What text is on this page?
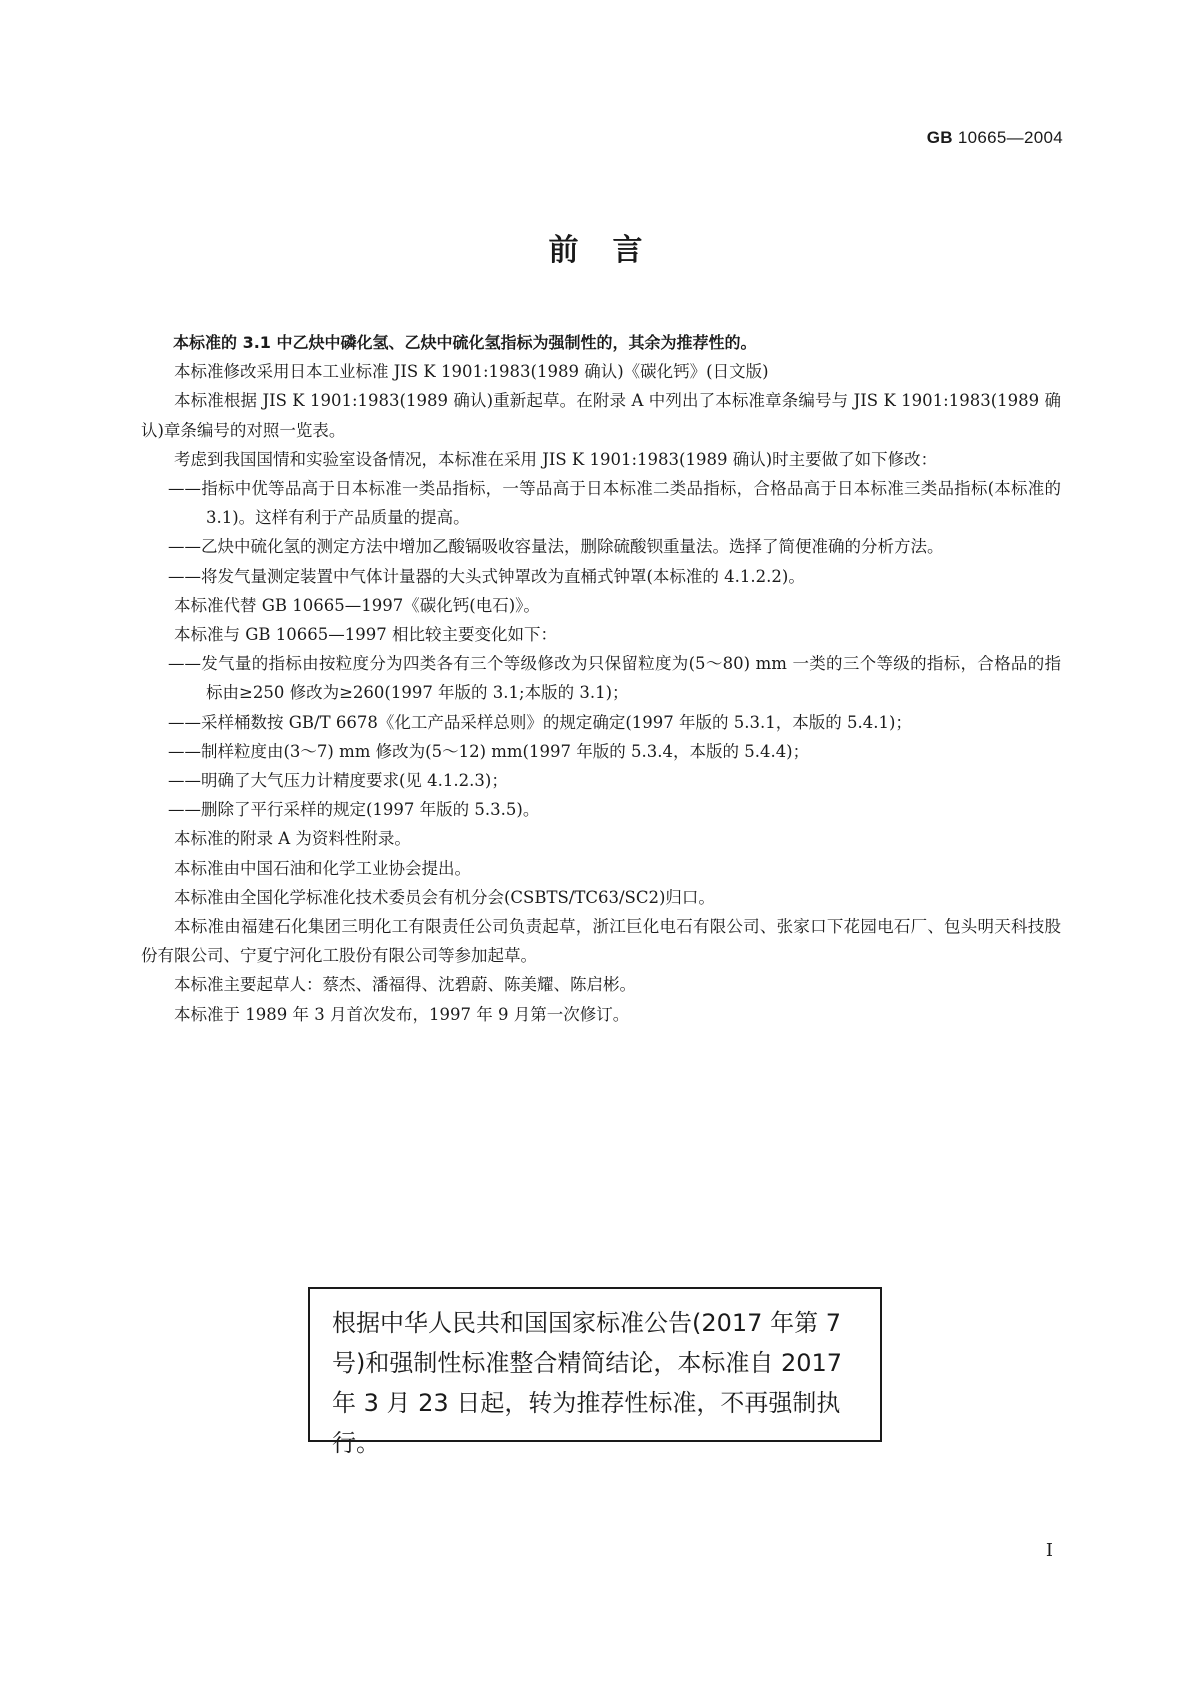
GB 10665—2004
前言

本标准的 3.1 中乙炔中磷化氢、乙炔中硫化氢指标为强制性的，其余为推荐性的。

本标准修改采用日本工业标准 JIS K 1901:1983(1989 确认)《碳化钙》(日文版)

本标准根据 JIS K 1901:1983(1989 确认)重新起草。在附录 A 中列出了本标准章条编号与 JIS K 1901:1983(1989 确认)章条编号的对照一览表。

考虑到我国国情和实验室设备情况，本标准在采用 JIS K 1901:1983(1989 确认)时主要做了如下修改：

——指标中优等品高于日本标准一类品指标，一等品高于日本标准二类品指标，合格品高于日本标准三类品指标(本标准的 3.1)。这样有利于产品质量的提高。

——乙炔中硫化氢的测定方法中增加乙酸镉吸收容量法，删除硫酸钡重量法。选择了简便准确的分析方法。

——将发气量测定装置中气体计量器的大头式钟罩改为直桶式钟罩(本标准的 4.1.2.2)。

本标准代替 GB 10665—1997《碳化钙(电石)》。

本标准与 GB 10665—1997 相比较主要变化如下：

——发气量的指标由按粒度分为四类各有三个等级修改为只保留粒度为(5～80) mm 一类的三个等级的指标，合格品的指标由≥250 修改为≥260(1997 年版的 3.1;本版的 3.1)；

——采样桶数按 GB/T 6678《化工产品采样总则》的规定确定(1997 年版的 5.3.1，本版的 5.4.1)；

——制样粒度由(3～7) mm 修改为(5～12) mm(1997 年版的 5.3.4，本版的 5.4.4)；

——明确了大气压力计精度要求(见 4.1.2.3)；

——删除了平行采样的规定(1997 年版的 5.3.5)。

本标准的附录 A 为资料性附录。

本标准由中国石油和化学工业协会提出。

本标准由全国化学标准化技术委员会有机分会(CSBTS/TC63/SC2)归口。

本标准由福建石化集团三明化工有限责任公司负责起草，浙江巨化电石有限公司、张家口下花园电石厂、包头明天科技股份有限公司、宁夏宁河化工股份有限公司等参加起草。

本标准主要起草人：蔡杰、潘福得、沈碧蔚、陈美耀、陈启彬。

本标准于 1989 年 3 月首次发布，1997 年 9 月第一次修订。

根据中华人民共和国国家标准公告(2017 年第 7 号)和强制性标准整合精简结论，本标准自 2017 年 3 月 23 日起，转为推荐性标准，不再强制执行。
I
